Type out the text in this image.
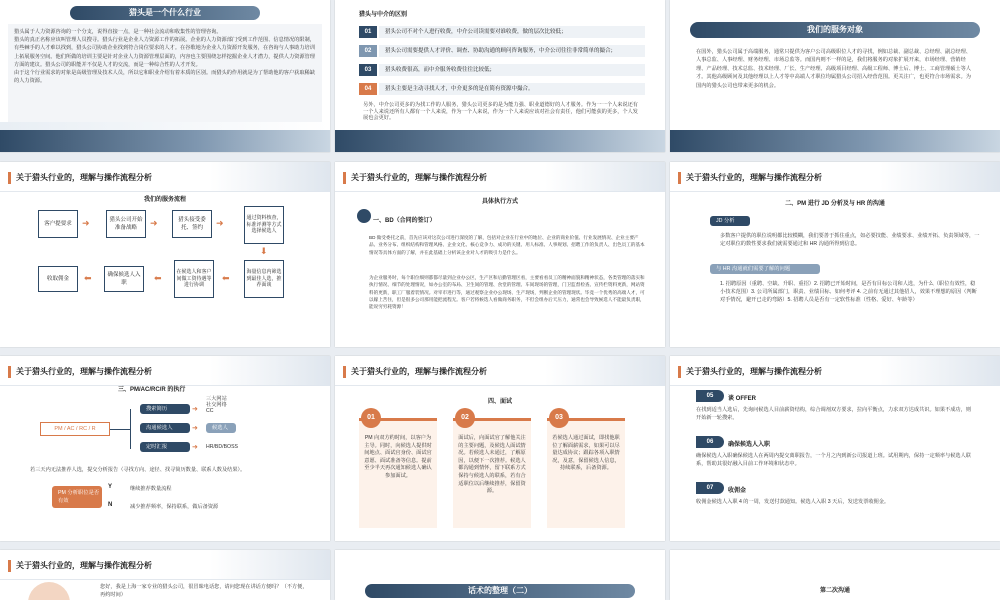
猎头是一个什么行业
猎头属于人力资源咨询的一个分支，说得直接一点，是一种社会流动和收集性的管理咨询。
猎头的真正名称应该叫管理人员搜寻。猎头行业是企业人力资源工作的拓展。企业的人力资源部门受到工作范围、信息情况的限制，有些棘手的人才难以找到，猎头公司协助企业找到符合岗位要求的人才。在谷歌地为企业人力资源开发服务，在咨询与人事助力培训上拓展服务空间。他们所做的培训主要是针对企业人力资源管理层面的，内容也主要围绕怎样挖掘企业人才潜力，提供人力资源管理方面的建议。猎头公司的职能并不仅是人才的交流，而是一种综合性的人才开发。
由于这个行业需求的对象是高级管理及技术人员，所以它和职业介绍有着本质的区别。而猎头的作用就是为了帮助他的客户获取稀缺的人力资源。
猎头与中介的区别
01	猎头公司不对个人进行收费，中介公司读需要对谁收费，做的层次比较低；
02	猎头公司需要提供人才评价、调查、协助沟通的顾问咨询服务，中介公司往往非常简单的撮合；
03	猎头收费很高，而中介服务收费往往比较低；
04	猎头主要是主动寻找人才，中介更多的是在简有资源中撮合。
另外，中介公司更多的为找工作的人服务，猎头公司更多的是为能力强、职业道德好的人才服务。作为一一个人来说还有一个人来说还所有人都有一个人来说，作为一个人来说，作为一个人来说应该对社会有责任，他们可能获的更多，个人发展也会更好。
我们的服务对象
在国外，猎头公司属于高端服务，通常只提供为客户公司高级职位人才的寻找，例如总裁、副总裁、总经理、副总经理、人事总监、人事经理、财务经理、市场总监等。而国内则不一样的是，我们将服务的对象扩展开来，市场经理、营销经理、产品经理、技术总监、技术经理、厂长、生产经理、高级项目经理、高级工程师、博士后、博士、工商管理硕士等人才。其他高级顾问及其他经理以上人才等中高端人才职位均属猎头公司招入经营范围。更关注广，也更符合市场需求。为国内的猎头公司也带来更多的机会。
关于猎头行业的，理解与操作流程分析
我们的服务流程
客户提要求	➜	猎头公司开始准备战略	➜	猎头接受委托、签约	➜	通过资料核查，标准评测等方式选择候选人
⬇
海量信息内筛选到最佳人选，推荐面谈
⬅
在候选人和客户间做工资待遇等进行协调
⬅
确保候选人入职
⬅
收取佣金
关于猎头行业的，理解与操作流程分析
具体执行方式
一、BD（合同的签订）
BD 做受委托之前，首先应该对这次公司进行深度的了解，包括对企业在行业中的地位、企业的商业价值、行业发展情况、企业主要产品、业务分布、组织结构和管理风格、企业文化、核心竞争力、成功的关键、用人标准、人事规划、招聘工作的负责人、出色员工的基本情况等具体方面的了解，并在此基础上分析该企业对人才的吸引力是什么。
为企业服务时，每个职位细则都都尽量到企业办公区，生产区和后勤管理区看，主要看看员工的精神面貌和精神状态，各类管理的落实和执行情况、细节的处理情况，如办公室的布局、卫生间的管理、食堂的管理、车间现场的管理，门卫监督检查、宣传栏资料更新，网站资料的更新，职工厂服着装情况。对宰市进行等，通过观察企业办公现场、生产现场，判断企业的管理现状。毕竟一个优秀的高端人才，可以嫁上苦住，但是很多公司那用能把流程无。客户若将候选人看做商务职务，不但会组办后天压力，通常也会导致候选人不能最负责职，能说穷穷耗资源！
关于猎头行业的，理解与操作流程分析
二、PM 进行 JD 分析及与 HR 的沟通
JD 分析
多数客户提供的职位说明都比较模糊，我们要善于抓住重点，如必要技能、业绩要求、业绩开拓、负责领域等，一定对职位的数性要求我们就需要通过和 HR 沟通所得到信息。
与 HR 沟通就们需要了解的问题
1. 招聘原因（重聘、空缺、升职、重招）2. 招聘已开始时间，是否有目标公司和人选，为什么（职位有效性，稳小技术范围）3. 公司所属部门，职责、业绩目标、如何考评 4. 之前有无通过其他招人，效果不理想的原因（判断对手情况，避开已走的弯路）5. 招聘人员是否有一定软性标准（性格、爱好、年龄等）
关于猎头行业的，理解与操作流程分析
三、PM/AC/RC/R 的执行
PM / AC / RC / R
搜索简历
沟通候选人
定时汇报
➜
三大网站
社交网络
CC
➜	候选人
➜ HR/BD/BOSS
若三天内无法推荐人选，提交分析报告（寻找方向、途径、找寻简历数量、联系人数及结果）。
PM 分析职位是否有效
Y	继续推荐数量流程
N	减少推荐频率，保持联系，做后备资源
关于猎头行业的，理解与操作流程分析
四、面试
PM 向双方约时间，以客户为主导。同时，向候选人提供时间地点、面试官身份、面试官意愿、面试准备等信息。提前至少半天再次通知候选人确认参加面试。
01
面试后，向面试官了解他关注的主要问题，及候选人面试情况。若候选人未通过，了解原因，以便下一次推荐。候选人都沟通到情怀，留下联系方式保持与候选人的联系，若有合适职位以后继续推荐，保留资源。
02
若候选人通过面试，即找他职位了解面薪需求，如果可以尽量达成协议；跟踪各项入职情况，及意，保留候选人信息，持续联系，后备资源。
03
关于猎头行业的，理解与操作流程分析
05	谈 OFFER
在找到适当人选后，先询问候选人目前薪资结构，综合调剂双方要求，拉向平衡点，力求双方达成共识。如果不成功，则开始新一轮搜索。
06	确保候选人入职
确保候选人入职确保候选人在两周内提交离职报告，一个月之内到新公司报道上班。试用期内，保持一定频率与候选人联系，帮助其很好融入目前工作环境和状态中。
07	收佣金
收佣金候选人入职 4 的一周，发送付款通知。候选人入职 3 天后，发送发票收佣金。
关于猎头行业的，理解与操作流程分析
您好，我是上海一家专业的猎头公司，很冒昧电话您，请问您现在讲话方便吗？（不方便，再约时间）
话术的整理（二）	第二次沟通
